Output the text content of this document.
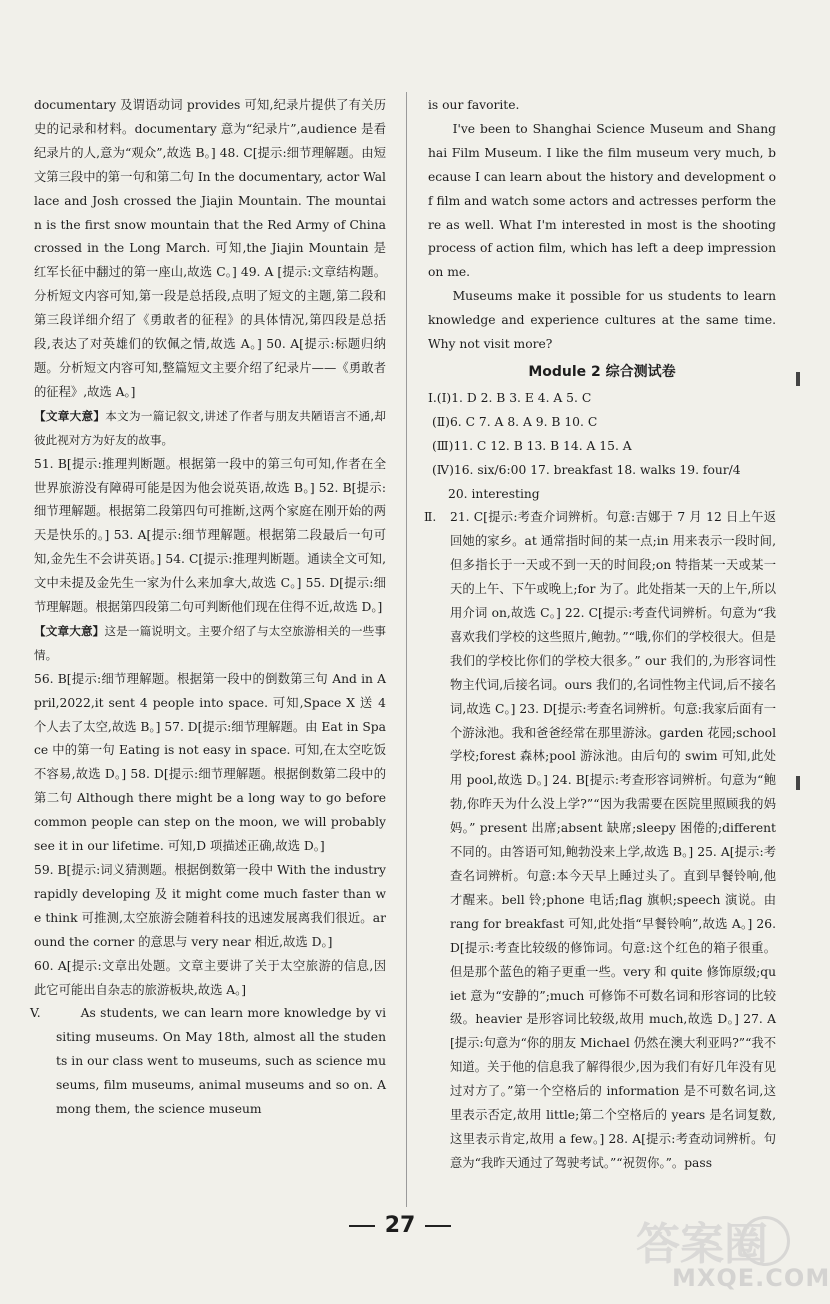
documentary 及谓语动词 provides 可知,纪录片提供了有关历史的记录和材料。documentary 意为“纪录片”,audience 是看纪录片的人,意为“观众”,故选 B。] 48. C[提示:细节理解题。由短文第三段中的第一句和第二句 In the documentary, actor Wallace and Josh crossed the Jiajin Mountain. The mountain is the first snow mountain that the Red Army of China crossed in the Long March. 可知,the Jiajin Mountain 是红军长征中翻过的第一座山,故选 C。] 49. A [提示:文章结构题。分析短文内容可知,第一段是总括段,点明了短文的主题,第二段和第三段详细介绍了《勇敢者的征程》的具体情况,第四段是总括段,表达了对英雄们的钦佩之情,故选 A。] 50. A[提示:标题归纳题。分析短文内容可知,整篇短文主要介绍了纪录片——《勇敢者的征程》,故选 A。]

【文章大意】本文为一篇记叙文,讲述了作者与朋友共陋语言不通,却彼此视对方为好友的故事。

51. B[提示:推理判断题。根据第一段中的第三句可知,作者在全世界旅游没有障碍可能是因为他会说英语,故选 B。] 52. B[提示:细节理解题。根据第二段第四句可推断,这两个家庭在刚开始的两天是快乐的。] 53. A[提示:细节理解题。根据第二段最后一句可知,金先生不会讲英语。] 54. C[提示:推理判断题。通读全文可知,文中未提及金先生一家为什么来加拿大,故选 C。] 55. D[提示:细节理解题。根据第四段第二句可判断他们现在住得不近,故选 D。]

【文章大意】这是一篇说明文。主要介绍了与太空旅游相关的一些事情。

56. B[提示:细节理解题。根据第一段中的倒数第三句 And in April,2022,it sent 4 people into space. 可知,Space X 送 4 个人去了太空,故选 B。] 57. D[提示:细节理解题。由 Eat in Space 中的第一句 Eating is not easy in space. 可知,在太空吃饭不容易,故选 D。] 58. D[提示:细节理解题。根据倒数第二段中的第二句 Although there might be a long way to go before common people can step on the moon, we will probably see it in our lifetime. 可知,D 项描述正确,故选 D。]

59. B[提示:词义猜测题。根据倒数第一段中 With the industry rapidly developing 及 it might come much faster than we think 可推测,太空旅游会随着科技的迅速发展离我们很近。around the corner 的意思与 very near 相近,故选 D。]

60. A[提示:文章出处题。文章主要讲了关于太空旅游的信息,因此它可能出自杂志的旅游板块,故选 A。]

V.	As students, we can learn more knowledge by visiting museums. On May 18th, almost all the students in our class went to museums, such as science museums, film museums, animal museums and so on. Among them, the science museum

is our favorite.

I've been to Shanghai Science Museum and Shanghai Film Museum. I like the film museum very much, because I can learn about the history and development of film and watch some actors and actresses perform there as well. What I'm interested in most is the shooting process of action film, which has left a deep impression on me.

Museums make it possible for us students to learn knowledge and experience cultures at the same time. Why not visit more?

Module 2 综合测试卷
I.(Ⅰ)1. D 2. B 3. E 4. A 5. C
(Ⅱ)6. C 7. A 8. A 9. B 10. C
(Ⅲ)11. C 12. B 13. B 14. A 15. A
(Ⅳ)16. six/6:00 17. breakfast 18. walks 19. four/4
20. interesting
Ⅱ. 21. C[提示:考查介词辨析。句意:吉娜于 7 月 12 日上午返回她的家乡。at 通常指时间的某一点;in 用来表示一段时间,但多指长于一天或不到一天的时间段;on 特指某一天或某一天的上午、下午或晚上;for 为了。此处指某一天的上午,所以用介词 on,故选 C。] 22. C[提示:考查代词辨析。句意为“我喜欢我们学校的这些照片,鲍勃。”“哦,你们的学校很大。但是我们的学校比你们的学校大很多。” our 我们的,为形容词性物主代词,后接名词。ours 我们的,名词性物主代词,后不接名词,故选 C。] 23. D[提示:考查名词辨析。句意:我家后面有一个游泳池。我和爸爸经常在那里游泳。garden 花园;school 学校;forest 森林;pool 游泳池。由后句的 swim 可知,此处用 pool,故选 D。] 24. B[提示:考查形容词辨析。句意为“鲍勃,你昨天为什么没上学?”“因为我需要在医院里照顾我的妈妈。” present 出席;absent 缺席;sleepy 困倦的;different 不同的。由答语可知,鲍勃没来上学,故选 B。] 25. A[提示:考查名词辨析。句意:本今天早上睡过头了。直到早餐铃响,他才醒来。bell 铃;phone 电话;flag 旗帜;speech 演说。由 rang for breakfast 可知,此处指“早餐铃响”,故选 A。] 26. D[提示:考查比较级的修饰词。句意:这个红色的箱子很重。但是那个蓝色的箱子更重一些。very 和 quite 修饰原级;quiet 意为“安静的”;much 可修饰不可数名词和形容词的比较级。heavier 是形容词比较级,故用 much,故选 D。] 27. A[提示:句意为“你的朋友 Michael 仍然在澳大利亚吗?”“我不知道。关于他的信息我了解得很少,因为我们有好几年没有见过对方了。”第一个空格后的 information 是不可数名词,这里表示否定,故用 little;第二个空格后的 years 是名词复数,这里表示肯定,故用 a few。] 28. A[提示:考查动词辨析。句意为“我昨天通过了驾驶考试。”“祝贺你。”。pass

27	答案圈
MXQE.COM
